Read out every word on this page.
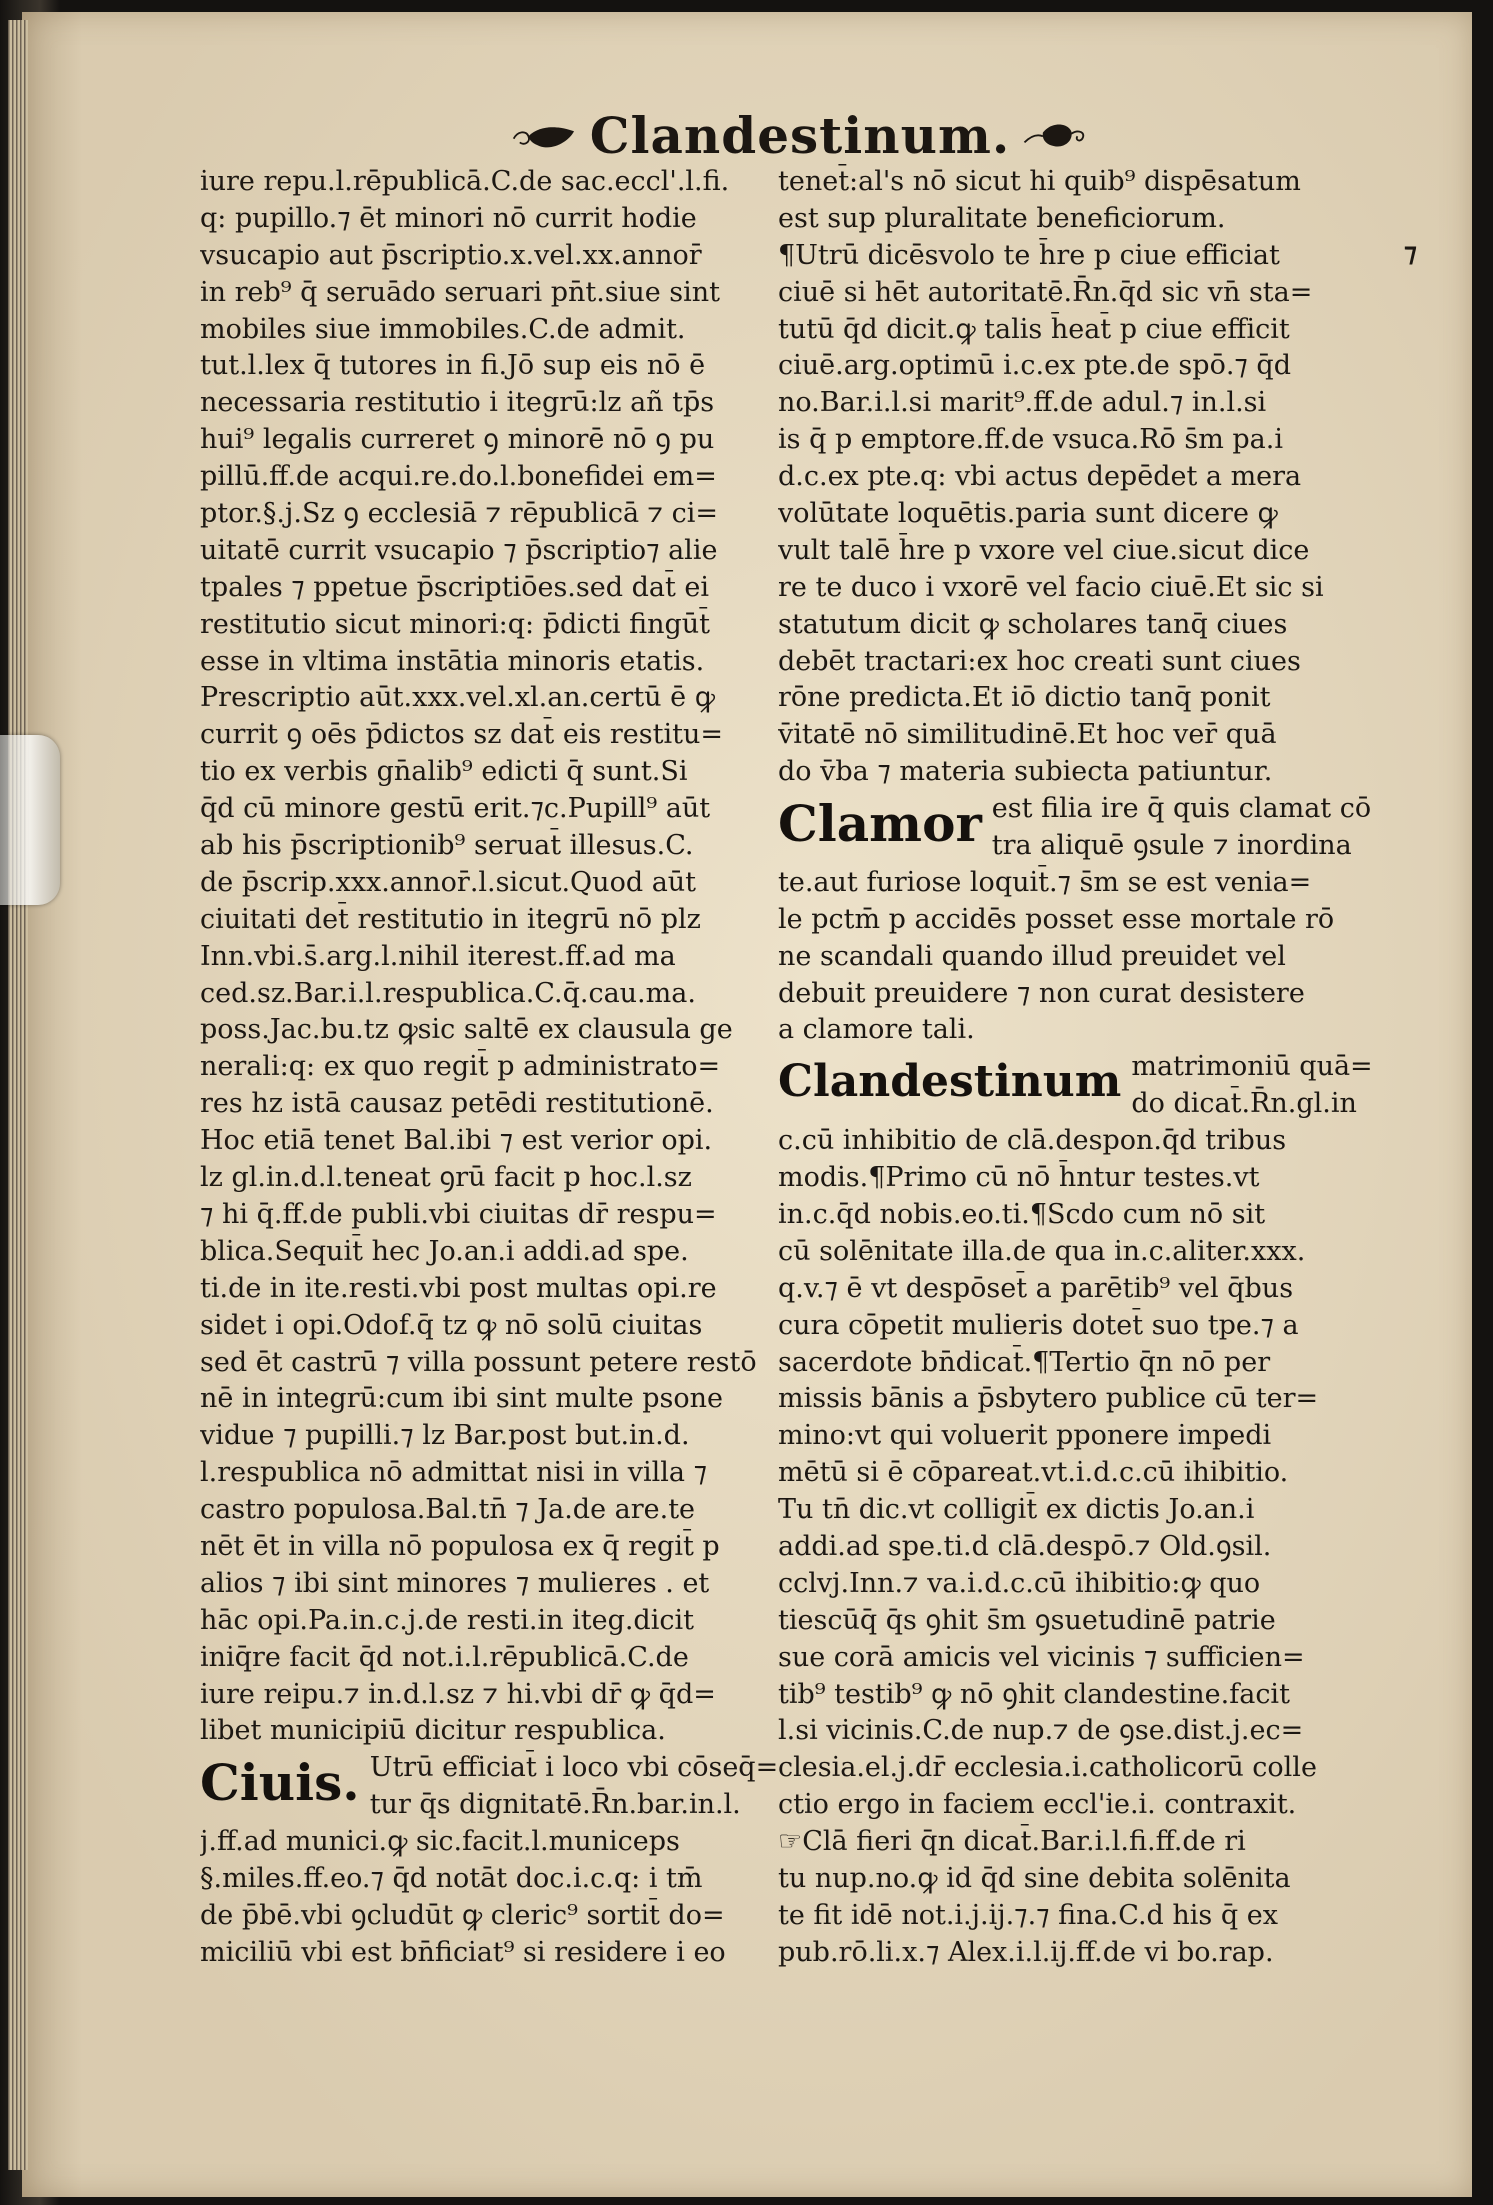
Clandestinum.
iure repu.l.rēpublicā.C.de sac.eccl'.l.fi.
q: pupillo.⁊ ēt minori nō currit hodie
vsucapio aut p̄scriptio.x.vel.xx.annor̄
in reb⁹ q̄ seruādo seruari pn̄t.siue sint
mobiles siue immobiles.C.de admit.
tut.l.lex q̄ tutores in fi.Jō sup eis nō ē
necessaria restitutio i itegrū:lz añ tp̄s
hui⁹ legalis curreret ꝯ minorē nō ꝯ pu
pillū.ff.de acqui.re.do.l.bonefidei em=
ptor.§.j.Sz ꝯ ecclesiā ⁊ rēpublicā ⁊ ci=
uitatē currit vsucapio ⁊ p̄scriptio⁊ alie
tpales ⁊ ppetue p̄scriptiōes.sed dat̄ ei
restitutio sicut minori:q: p̄dicti fingūt̄
esse in vltima instātia minoris etatis.
Prescriptio aūt.xxx.vel.xl.an.certū ē ꝙ
currit ꝯ oēs p̄dictos sz dat̄ eis restitu=
tio ex verbis gn̄alib⁹ edicti q̄ sunt.Si
q̄d cū minore gestū erit.⁊c.Pupill⁹ aūt
ab his p̄scriptionib⁹ seruat̄ illesus.C.
de p̄scrip.xxx.annor̄.l.sicut.Quod aūt
ciuitati det̄ restitutio in itegrū nō plz
Inn.vbi.s̄.arg.l.nihil iterest.ff.ad ma
ced.sz.Bar.i.l.respublica.C.q̄.cau.ma.
poss.Jac.bu.tz ꝙsic saltē ex clausula ge
nerali:q: ex quo regit̄ p administrato=
res hz istā causaz petēdi restitutionē.
Hoc etiā tenet Bal.ibi ⁊ est verior opi.
lz gl.in.d.l.teneat ꝯrū facit p hoc.l.sz
⁊ hi q̄.ff.de publi.vbi ciuitas dr̄ respu=
blica.Sequit̄ hec Jo.an.i addi.ad spe.
ti.de in ite.resti.vbi post multas opi.re
sidet i opi.Odof.q̄ tz ꝙ nō solū ciuitas
sed ēt castrū ⁊ villa possunt petere restō
nē in integrū:cum ibi sint multe psone
vidue ⁊ pupilli.⁊ lz Bar.post but.in.d.
l.respublica nō admittat nisi in villa ⁊
castro populosa.Bal.tn̄ ⁊ Ja.de are.te
nēt ēt in villa nō populosa ex q̄ regit̄ p
alios ⁊ ibi sint minores ⁊ mulieres . et
hāc opi.Pa.in.c.j.de resti.in iteg.dicit
iniq̄re facit q̄d not.i.l.rēpublicā.C.de
iure reipu.⁊ in.d.l.sz ⁊ hi.vbi dr̄ ꝙ q̄d=
libet municipiū dicitur respublica.
Ciuis. Utrū efficiat̄ i loco vbi cōseq̄=
tur q̄s dignitatē.R̄n.bar.in.l.
j.ff.ad munici.ꝙ sic.facit.l.municeps
§.miles.ff.eo.⁊ q̄d notāt doc.i.c.q: i tm̄
de p̄bē.vbi ꝯcludūt ꝙ cleric⁹ sortit̄ do=
miciliū vbi est bn̄ficiat⁹ si residere i eo
tenet̄:al's nō sicut hi quib⁹ dispēsatum
est sup pluralitate beneficiorum.
¶Utrū dicēsvolo te h̄re p ciue efficiat
ciuē si hēt autoritatē.R̄n.q̄d sic vn̄ sta=
tutū q̄d dicit.ꝙ talis h̄eat̄ p ciue efficit
ciuē.arg.optimū i.c.ex pte.de spō.⁊ q̄d
no.Bar.i.l.si marit⁹.ff.de adul.⁊ in.l.si
is q̄ p emptore.ff.de vsuca.Rō s̄m pa.i
d.c.ex pte.q: vbi actus depēdet a mera
volūtate loquētis.paria sunt dicere ꝙ
vult talē h̄re p vxore vel ciue.sicut dice
re te duco i vxorē vel facio ciuē.Et sic si
statutum dicit ꝙ scholares tanq̄ ciues
debēt tractari:ex hoc creati sunt ciues
rōne predicta.Et iō dictio tanq̄ ponit
v̄itatē nō similitudinē.Et hoc ver̄ quā
do v̄ba ⁊ materia subiecta patiuntur.
Clamor est filia ire q̄ quis clamat cō
tra aliquē ꝯsule ⁊ inordina
te.aut furiose loquit̄.⁊ s̄m se est venia=
le pctm̄ p accidēs posset esse mortale rō
ne scandali quando illud preuidet vel
debuit preuidere ⁊ non curat desistere
a clamore tali.
Clandestinum matrimoniū quā=
do dicat̄.R̄n.gl.in
c.cū inhibitio de clā.despon.q̄d tribus
modis.¶Primo cū nō h̄ntur testes.vt
in.c.q̄d nobis.eo.ti.¶Scdo cum nō sit
cū solēnitate illa.de qua in.c.aliter.xxx.
q.v.⁊ ē vt despōset̄ a parētib⁹ vel q̄bus
cura cōpetit mulieris dotet̄ suo tpe.⁊ a
sacerdote bn̄dicat̄.¶Tertio q̄n nō per
missis bānis a p̄sbytero publice cū ter=
mino:vt qui voluerit pponere impedi
mētū si ē cōpareat.vt.i.d.c.cū ihibitio.
Tu tn̄ dic.vt colligit̄ ex dictis Jo.an.i
addi.ad spe.ti.d clā.despō.⁊ Old.ꝯsil.
cclvj.Inn.⁊ va.i.d.c.cū ihibitio:ꝙ quo
tiescūq̄ q̄s ꝯhit s̄m ꝯsuetudinē patrie
sue corā amicis vel vicinis ⁊ sufficien=
tib⁹ testib⁹ ꝙ nō ꝯhit clandestine.facit
l.si vicinis.C.de nup.⁊ de ꝯse.dist.j.ec=
clesia.el.j.dr̄ ecclesia.i.catholicorū colle
ctio ergo in faciem eccl'ie.i. contraxit.
☞Clā fieri q̄n dicat̄.Bar.i.l.fi.ff.de ri
tu nup.no.ꝙ id q̄d sine debita solēnita
te fit idē not.i.j.ij.⁊.⁊ fina.C.d his q̄ ex
pub.rō.li.x.⁊ Alex.i.l.ij.ff.de vi bo.rap.
⁊
